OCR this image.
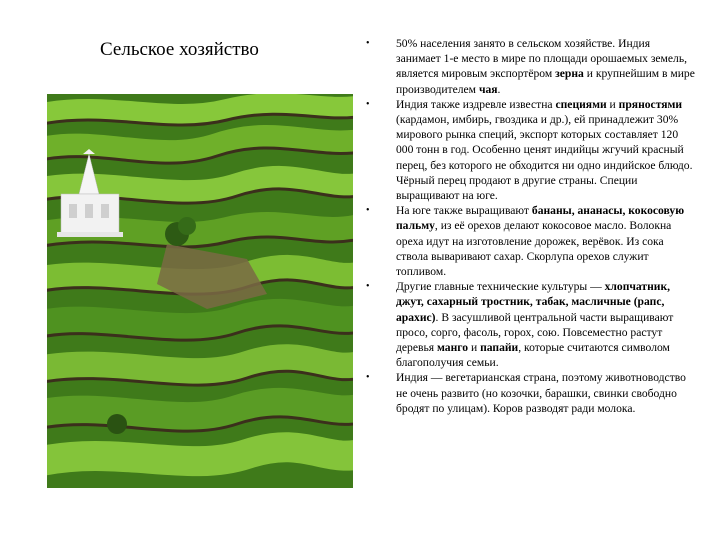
Сельское хозяйство	• 50% населения занято в сельском хозяйстве. Индия занимает 1-е место в мире по площади орошаемых земель, является мировым экспортёром зерна и крупнейшим в мире производителем чая.
• Индия также издревле известна специями и пряностями (кардамон, имбирь, гвоздика и др.), ей принадлежит 30% мирового рынка специй, экспорт которых составляет 120 000 тонн в год. Особенно ценят индийцы жгучий красный перец, без которого не обходится ни одно индийское блюдо. Чёрный перец продают в другие страны. Специи выращивают на юге.
• На юге также выращивают бананы, ананасы, кокосовую пальму, из её орехов делают кокосовое масло. Волокна ореха идут на изготовление дорожек, верёвок. Из сока ствола вываривают сахар. Скорлупа орехов служит топливом.
• Другие главные технические культуры — хлопчатник, джут, сахарный тростник, табак, масличные (рапс, арахис). В засушливой центральной части выращивают просо, сорго, фасоль, горох, сою. Повсеместно растут деревья манго и папайи, которые считаются символом благополучия семьи.
• Индия — вегетарианская страна, поэтому животноводство не очень развито (но козочки, барашки, свинки свободно бродят по улицам). Коров разводят ради молока.
